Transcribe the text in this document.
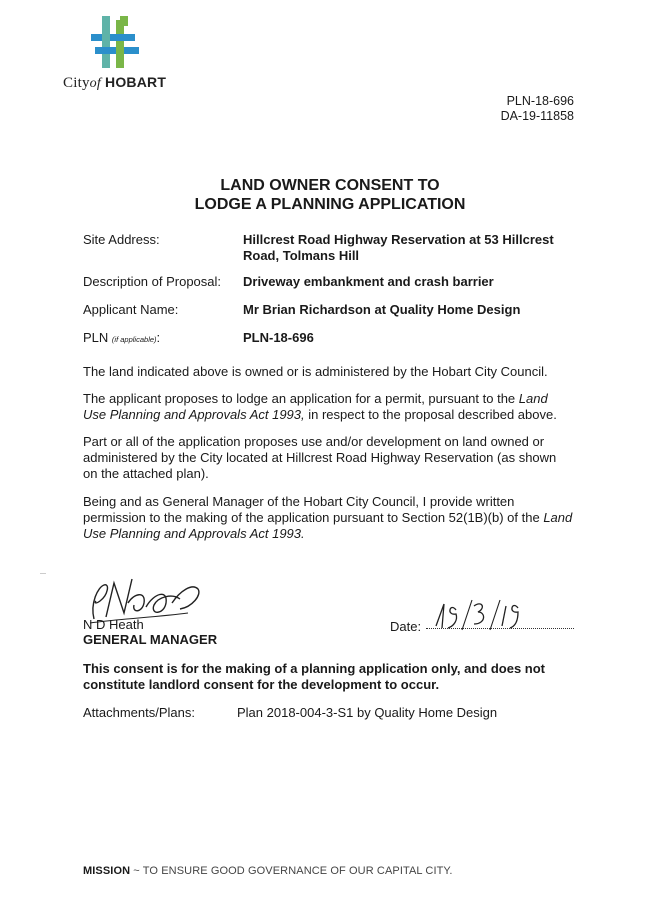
Cityof HOBART
PLN-18-696
DA-19-11858
LAND OWNER CONSENT TO
LODGE A PLANNING APPLICATION
Site Address:	Hillcrest Road Highway Reservation at 53 Hillcrest
Road, Tolmans Hill
Description of Proposal: Driveway embankment and crash barrier
Applicant Name:	Mr Brian Richardson at Quality Home Design
PLN (if applicable):	PLN-18-696
The land indicated above is owned or is administered by the Hobart City Council.
The applicant proposes to lodge an application for a permit, pursuant to the Land Use Planning and Approvals Act 1993, in respect to the proposal described above.
Part or all of the application proposes use and/or development on land owned or administered by the City located at Hillcrest Road Highway Reservation (as shown on the attached plan).
Being and as General Manager of the Hobart City Council, I provide written permission to the making of the application pursuant to Section 52(1B)(b) of the Land Use Planning and Approvals Act 1993.
N D Heath
GENERAL MANAGER
Date:
This consent is for the making of a planning application only, and does not constitute landlord consent for the development to occur.
Attachments/Plans:	Plan 2018-004-3-S1 by Quality Home Design
MISSION ~ TO ENSURE GOOD GOVERNANCE OF OUR CAPITAL CITY.
